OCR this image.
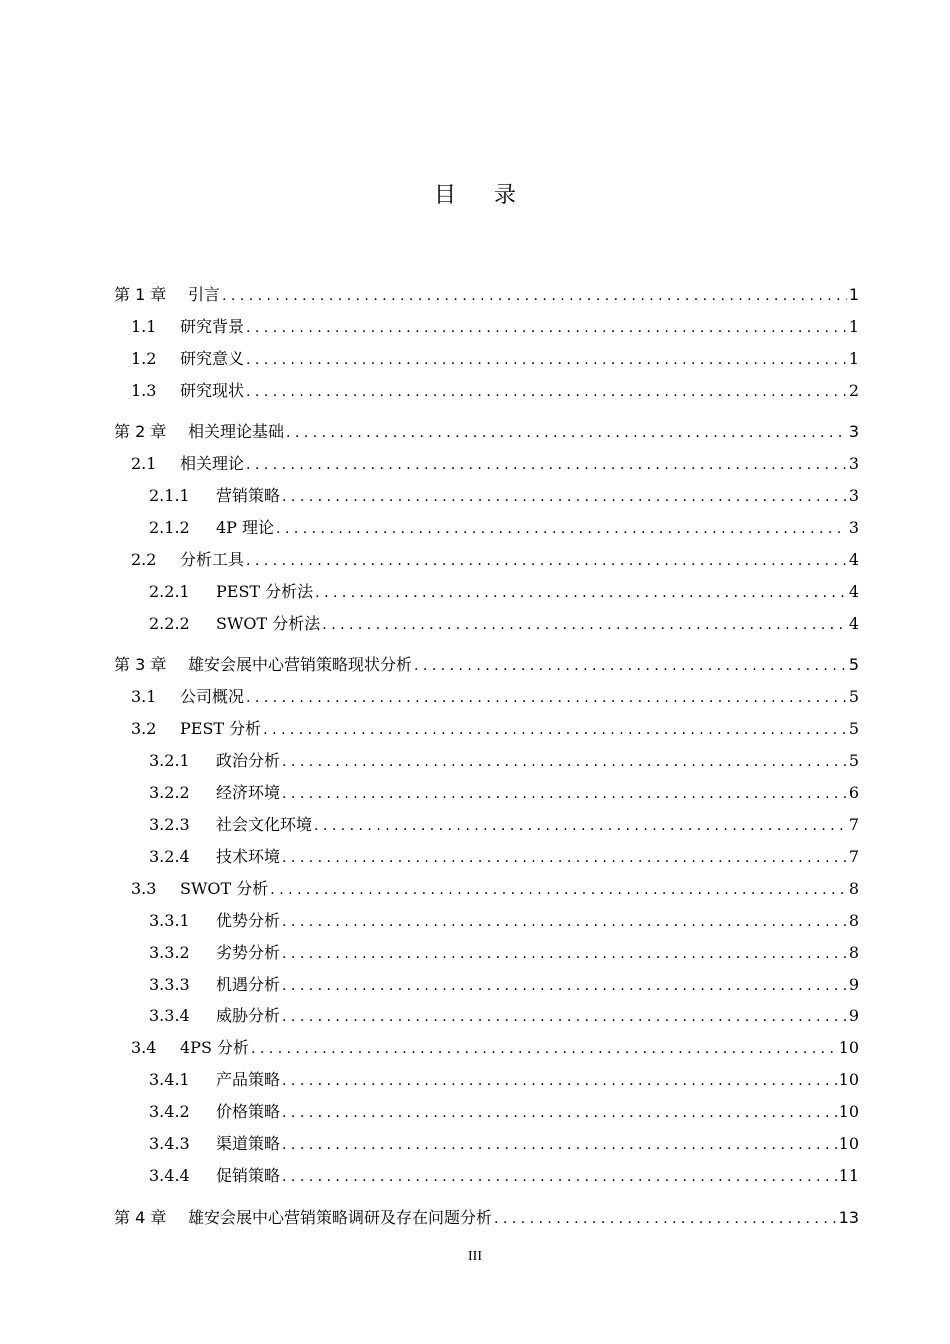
目录
第 1 章	引言 . . .	1
1.1	研究背景 . . .	1
1.2	研究意义 . . .	1
1.3	研究现状 . . .	2
第 2 章	相关理论基础 . . .	3
2.1	相关理论 . . .	3
2.1.1	营销策略 . . .	3
2.1.2	4P 理论 . . .	3
2.2	分析工具 . . .	4
2.2.1	PEST 分析法 . . .	4
2.2.2	SWOT 分析法 . . .	4
第 3 章	雄安会展中心营销策略现状分析 . . .	5
3.1	公司概况 . . .	5
3.2	PEST 分析 . . .	5
3.2.1	政治分析 . . .	5
3.2.2	经济环境 . . .	6
3.2.3	社会文化环境 . . .	7
3.2.4	技术环境 . . .	7
3.3	SWOT 分析 . . .	8
3.3.1	优势分析 . . .	8
3.3.2	劣势分析 . . .	8
3.3.3	机遇分析 . . .	9
3.3.4	威胁分析 . . .	9
3.4	4PS 分析 . . .	10
3.4.1	产品策略 . . .	10
3.4.2	价格策略 . . .	10
3.4.3	渠道策略 . . .	10
3.4.4	促销策略 . . .	11
第 4 章	雄安会展中心营销策略调研及存在问题分析 . . .	13
III
